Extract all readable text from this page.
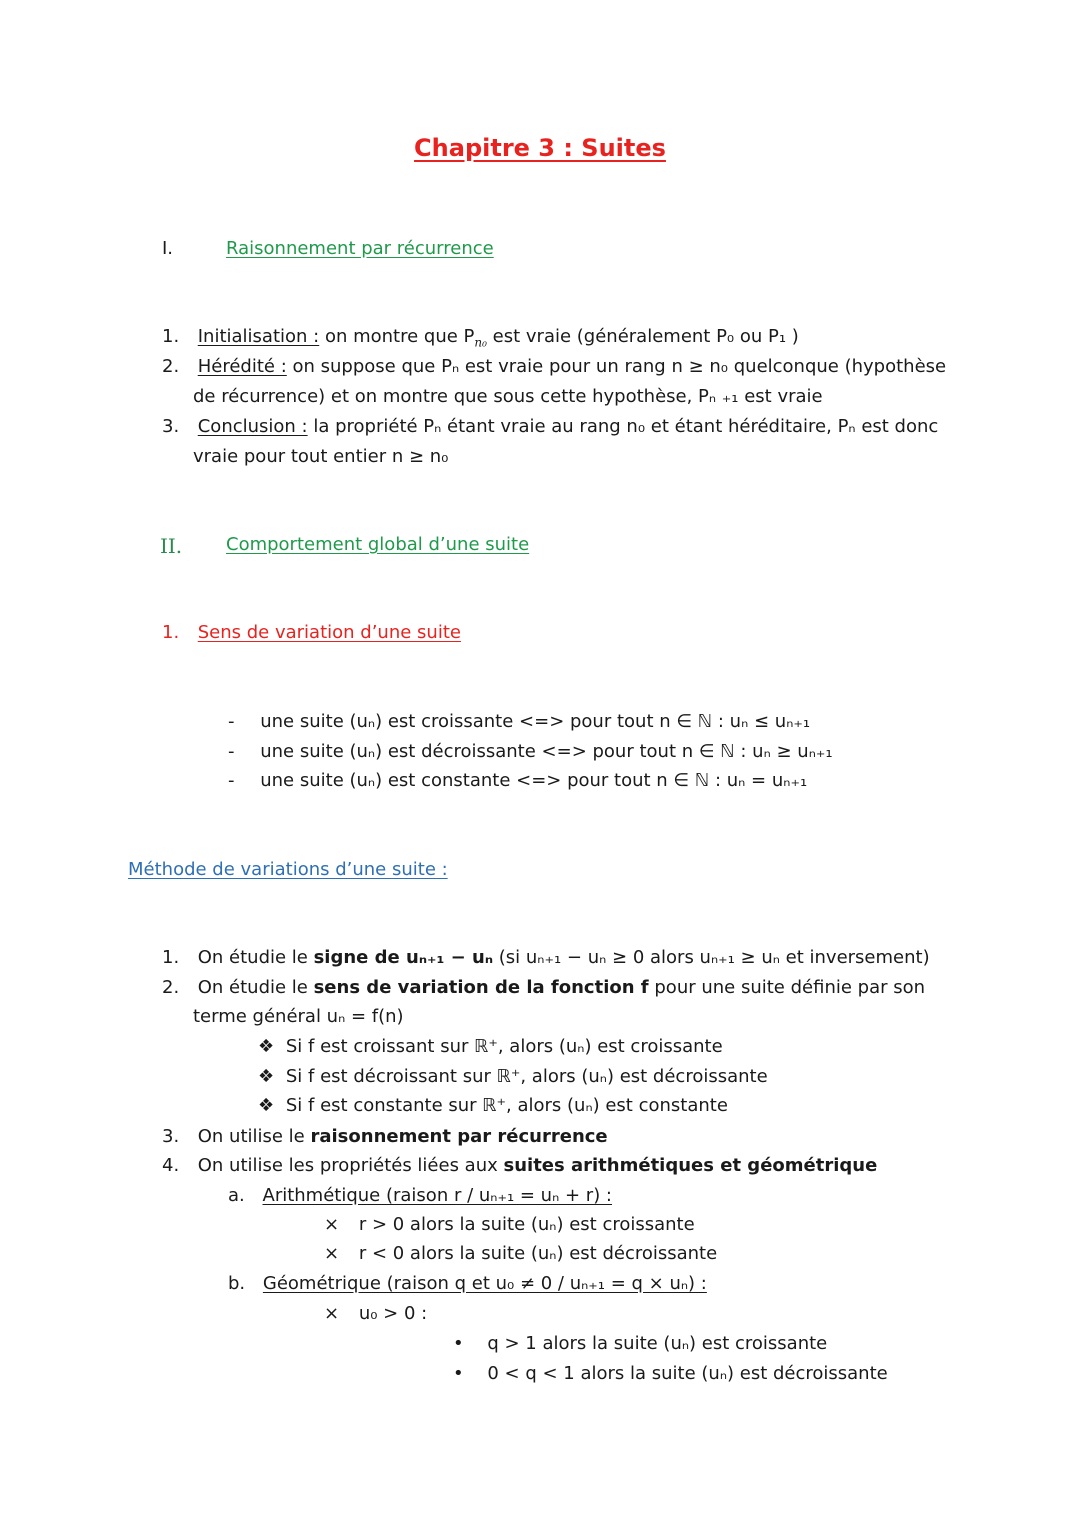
Chapitre 3 : Suites
I.	Raisonnement par récurrence
1. Initialisation : on montre que $P_{n_0}$ est vraie (généralement P₀ ou P₁ )
2. Hérédité : on suppose que Pₙ est vraie pour un rang n ≥ n₀ quelconque (hypothèse
de récurrence) et on montre que sous cette hypothèse, Pₙ ₊₁ est vraie
3. Conclusion : la propriété Pₙ étant vraie au rang n₀ et étant héréditaire, Pₙ est donc
vraie pour tout entier n ≥ n₀
II. Comportement global d’une suite
1. Sens de variation d’une suite
- une suite (uₙ) est croissante <=> pour tout n ∈ ℕ : uₙ ≤ uₙ₊₁
- une suite (uₙ) est décroissante <=> pour tout n ∈ ℕ : uₙ ≥ uₙ₊₁
- une suite (uₙ) est constante <=> pour tout n ∈ ℕ : uₙ = uₙ₊₁
Méthode de variations d’une suite :
1. On étudie le signe de uₙ₊₁ − uₙ (si uₙ₊₁ − uₙ ≥ 0 alors uₙ₊₁ ≥ uₙ et inversement)
2. On étudie le sens de variation de la fonction f pour une suite définie par son
terme général uₙ = f(n)
❖ Si f est croissant sur ℝ⁺, alors (uₙ) est croissante
❖ Si f est décroissant sur ℝ⁺, alors (uₙ) est décroissante
❖ Si f est constante sur ℝ⁺, alors (uₙ) est constante
3. On utilise le raisonnement par récurrence
4. On utilise les propriétés liées aux suites arithmétiques et géométrique
a. Arithmétique (raison r / uₙ₊₁ = uₙ + r) :
× r > 0 alors la suite (uₙ) est croissante
× r < 0 alors la suite (uₙ) est décroissante
b. Géométrique (raison q et u₀ ≠ 0 / uₙ₊₁ = q × uₙ) :
× u₀ > 0 :
• q > 1 alors la suite (uₙ) est croissante
• 0 < q < 1 alors la suite (uₙ) est décroissante
